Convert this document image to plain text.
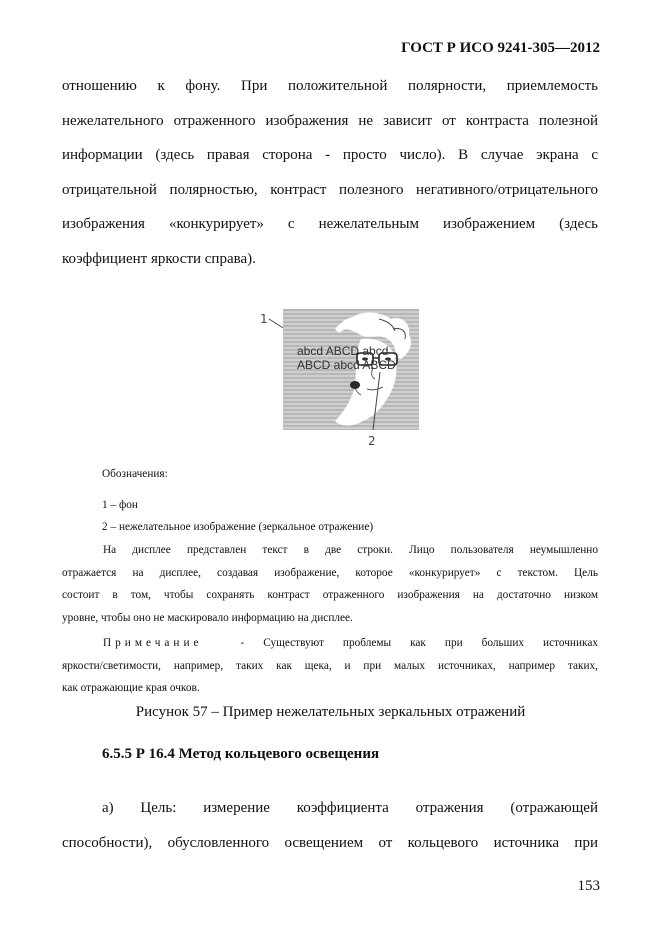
ГОСТ Р ИСО 9241-305—2012
отношению к фону. При положительной полярности, приемлемость
нежелательного отраженного изображения не зависит от контраста полезной
информации (здесь правая сторона - просто число). В случае экрана с
отрицательной полярностью, контраст полезного негативного/отрицательного
изображения «конкурирует» с нежелательным изображением (здесь
коэффициент яркости справа).
1
abcd ABCD abcd
ABCD abcd ABCD
2
Обозначения:
1 – фон
2 – нежелательное изображение (зеркальное отражение)
На дисплее представлен текст в две строки. Лицо пользователя неумышленно
отражается на дисплее, создавая изображение, которое «конкурирует» с текстом. Цель
состоит в том, чтобы сохранять контраст отраженного изображения на достаточно низком
уровне, чтобы оно не маскировало информацию на дисплее.
Примечание	- Существуют проблемы как при больших источниках
яркости/светимости, например, таких как щека, и при малых источниках, например таких,
как отражающие края очков.
Рисунок 57 – Пример нежелательных зеркальных отражений
6.5.5 Р 16.4 Метод кольцевого освещения
а) Цель: измерение коэффициента отражения (отражающей
способности), обусловленного освещением от кольцевого источника при
153
